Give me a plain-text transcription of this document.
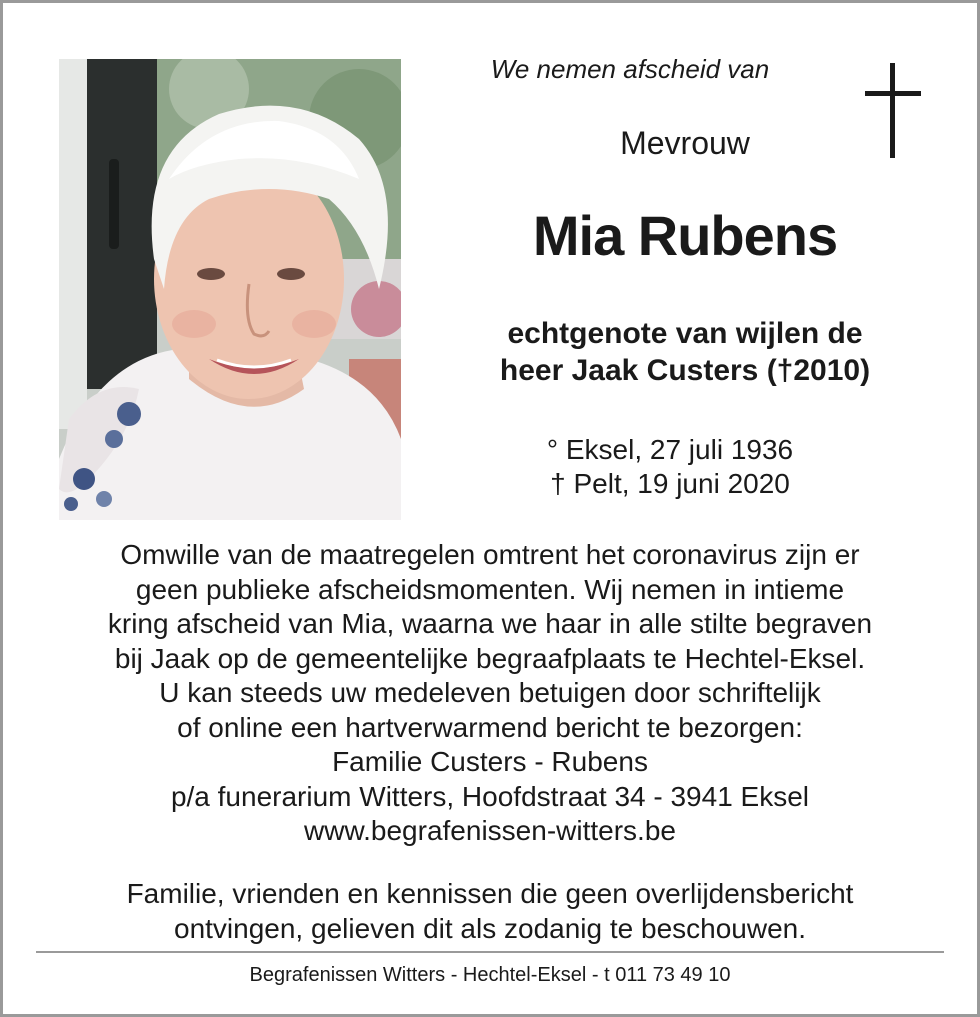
We nemen afscheid van
Mevrouw
Mia Rubens
echtgenote van wijlen de
heer Jaak Custers (†2010)
° Eksel, 27 juli 1936
† Pelt, 19 juni 2020
Omwille van de maatregelen omtrent het coronavirus zijn er
geen publieke afscheidsmomenten. Wij nemen in intieme
kring afscheid van Mia, waarna we haar in alle stilte begraven
bij Jaak op de gemeentelijke begraafplaats te Hechtel-Eksel.
U kan steeds uw medeleven betuigen door schriftelijk
of online een hartverwarmend bericht te bezorgen:
Familie Custers - Rubens
p/a funerarium Witters, Hoofdstraat 34 - 3941 Eksel
www.begrafenissen-witters.be
Familie, vrienden en kennissen die geen overlijdensbericht
ontvingen, gelieven dit als zodanig te beschouwen.
Begrafenissen Witters - Hechtel-Eksel - t 011 73 49 10
